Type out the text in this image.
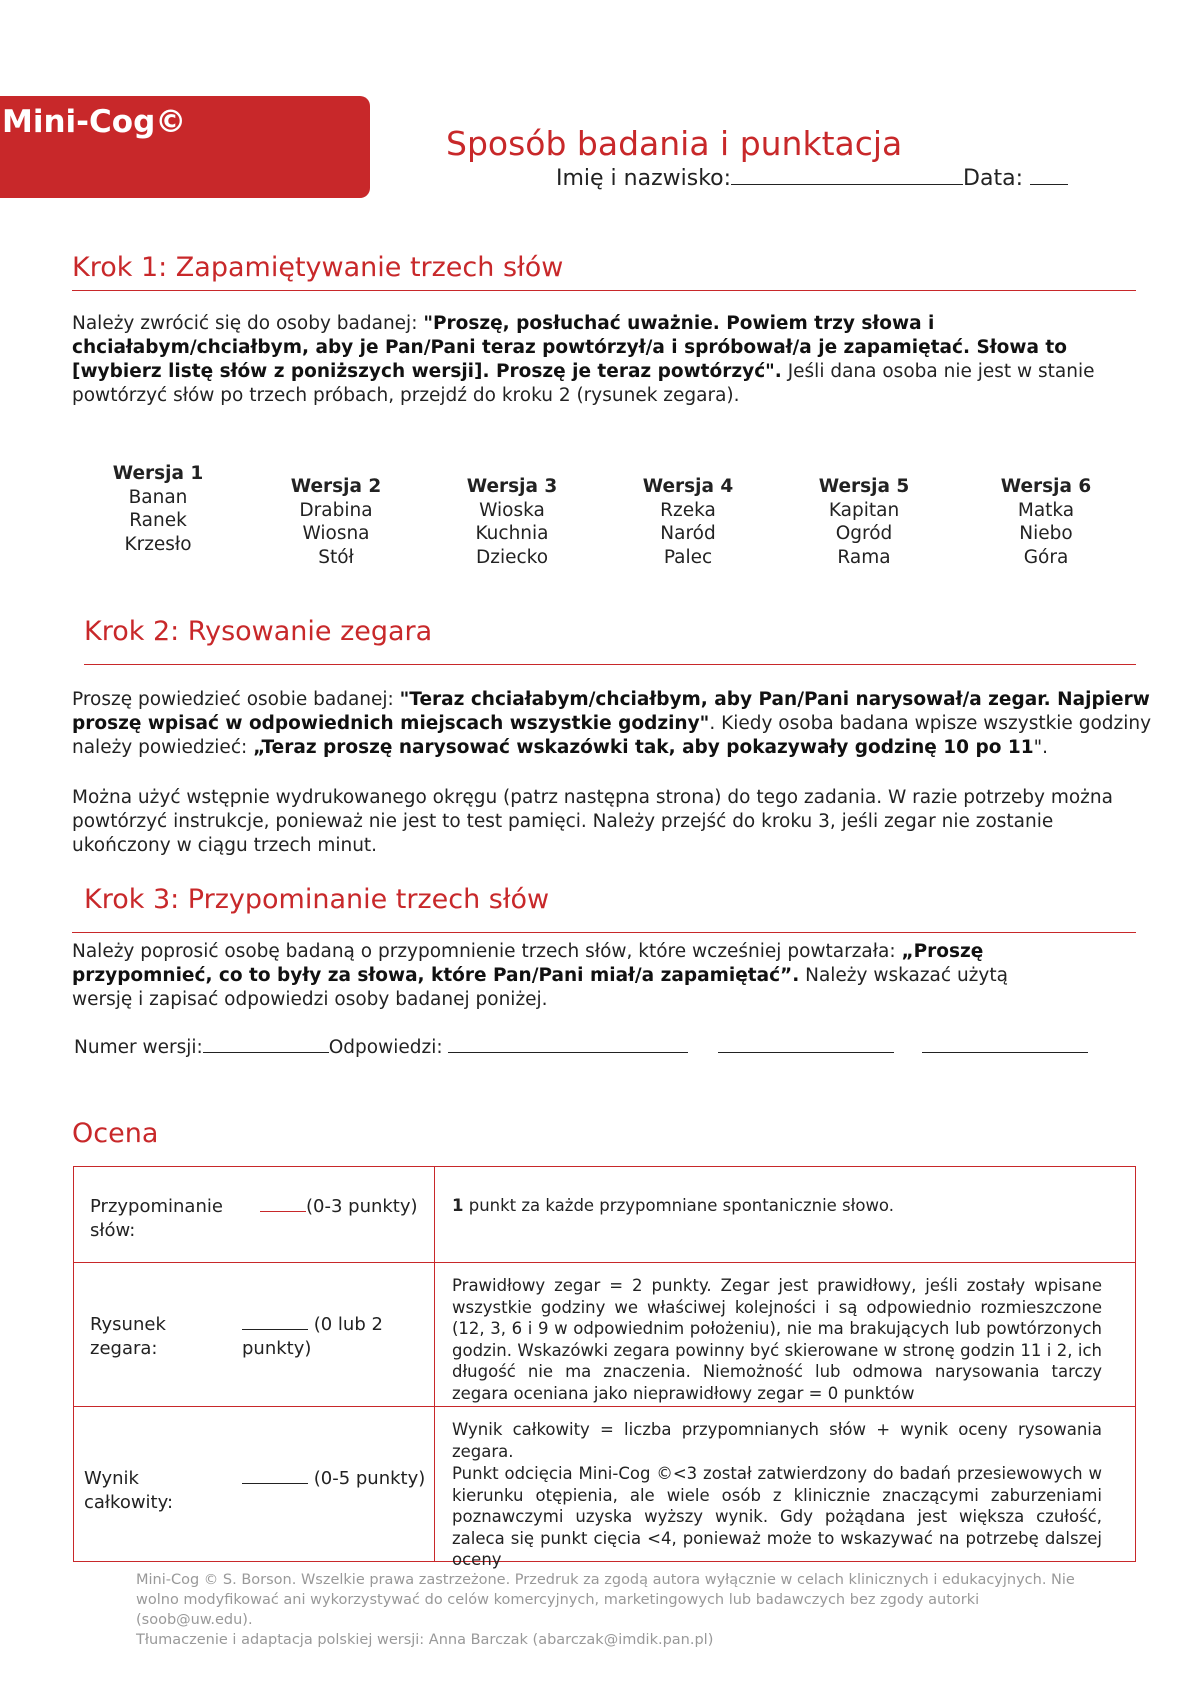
Mini-Cog©
Sposób badania i punktacja
Imię i nazwisko:	Data:
Krok 1: Zapamiętywanie trzech słów
Należy zwrócić się do osoby badanej: "Proszę, posłuchać uważnie. Powiem trzy słowa i chciałabym/chciałbym, aby je Pan/Pani teraz powtórzył/a i spróbował/a je zapamiętać. Słowa to [wybierz listę słów z poniższych wersji]. Proszę je teraz powtórzyć". Jeśli dana osoba nie jest w stanie powtórzyć słów po trzech próbach, przejdź do kroku 2 (rysunek zegara).
Wersja 1
Banan
Ranek
Krzesło
Wersja 2
Drabina
Wiosna
Stół
Wersja 3
Wioska
Kuchnia
Dziecko
Wersja 4
Rzeka
Naród
Palec
Wersja 5
Kapitan
Ogród
Rama
Wersja 6
Matka
Niebo
Góra
Krok 2: Rysowanie zegara
Proszę powiedzieć osobie badanej: "Teraz chciałabym/chciałbym, aby Pan/Pani narysował/a zegar. Najpierw proszę wpisać w odpowiednich miejscach wszystkie godziny". Kiedy osoba badana wpisze wszystkie godziny należy powiedzieć: „Teraz proszę narysować wskazówki tak, aby pokazywały godzinę 10 po 11".
Można użyć wstępnie wydrukowanego okręgu (patrz następna strona) do tego zadania. W razie potrzeby można powtórzyć instrukcje, ponieważ nie jest to test pamięci. Należy przejść do kroku 3, jeśli zegar nie zostanie ukończony w ciągu trzech minut.
Krok 3: Przypominanie trzech słów
Należy poprosić osobę badaną o przypomnienie trzech słów, które wcześniej powtarzała: „Proszę przypomnieć, co to były za słowa, które Pan/Pani miał/a zapamiętać”. Należy wskazać użytą wersję i zapisać odpowiedzi osoby badanej poniżej.
Numer wersji:	Odpowiedzi:
Ocena
Przypominanie słów:
(0-3 punkty) 1 punkt za każde przypomniane spontanicznie słowo.
Rysunek zegara:
(0 lub 2 punkty)
Prawidłowy zegar = 2 punkty. Zegar jest prawidłowy, jeśli zostały wpisane wszystkie godziny we właściwej kolejności i są odpowiednio rozmieszczone (12, 3, 6 i 9 w odpowiednim położeniu), nie ma brakujących lub powtórzonych godzin. Wskazówki zegara powinny być skierowane w stronę godzin 11 i 2, ich długość nie ma znaczenia. Niemożność lub odmowa narysowania tarczy zegara oceniana jako nieprawidłowy zegar = 0 punktów
Wynik całkowity:
(0-5 punkty)
Wynik całkowity = liczba przypomnianych słów + wynik oceny rysowania zegara.
Punkt odcięcia Mini-Cog ©<3 został zatwierdzony do badań przesiewowych w kierunku otępienia, ale wiele osób z klinicznie znaczącymi zaburzeniami poznawczymi uzyska wyższy wynik. Gdy pożądana jest większa czułość, zaleca się punkt cięcia <4, ponieważ może to wskazywać na potrzebę dalszej oceny
Mini-Cog © S. Borson. Wszelkie prawa zastrzeżone. Przedruk za zgodą autora wyłącznie w celach klinicznych i edukacyjnych. Nie wolno modyfikować ani wykorzystywać do celów komercyjnych, marketingowych lub badawczych bez zgody autorki (soob@uw.edu).
Tłumaczenie i adaptacja polskiej wersji: Anna Barczak (abarczak@imdik.pan.pl)
